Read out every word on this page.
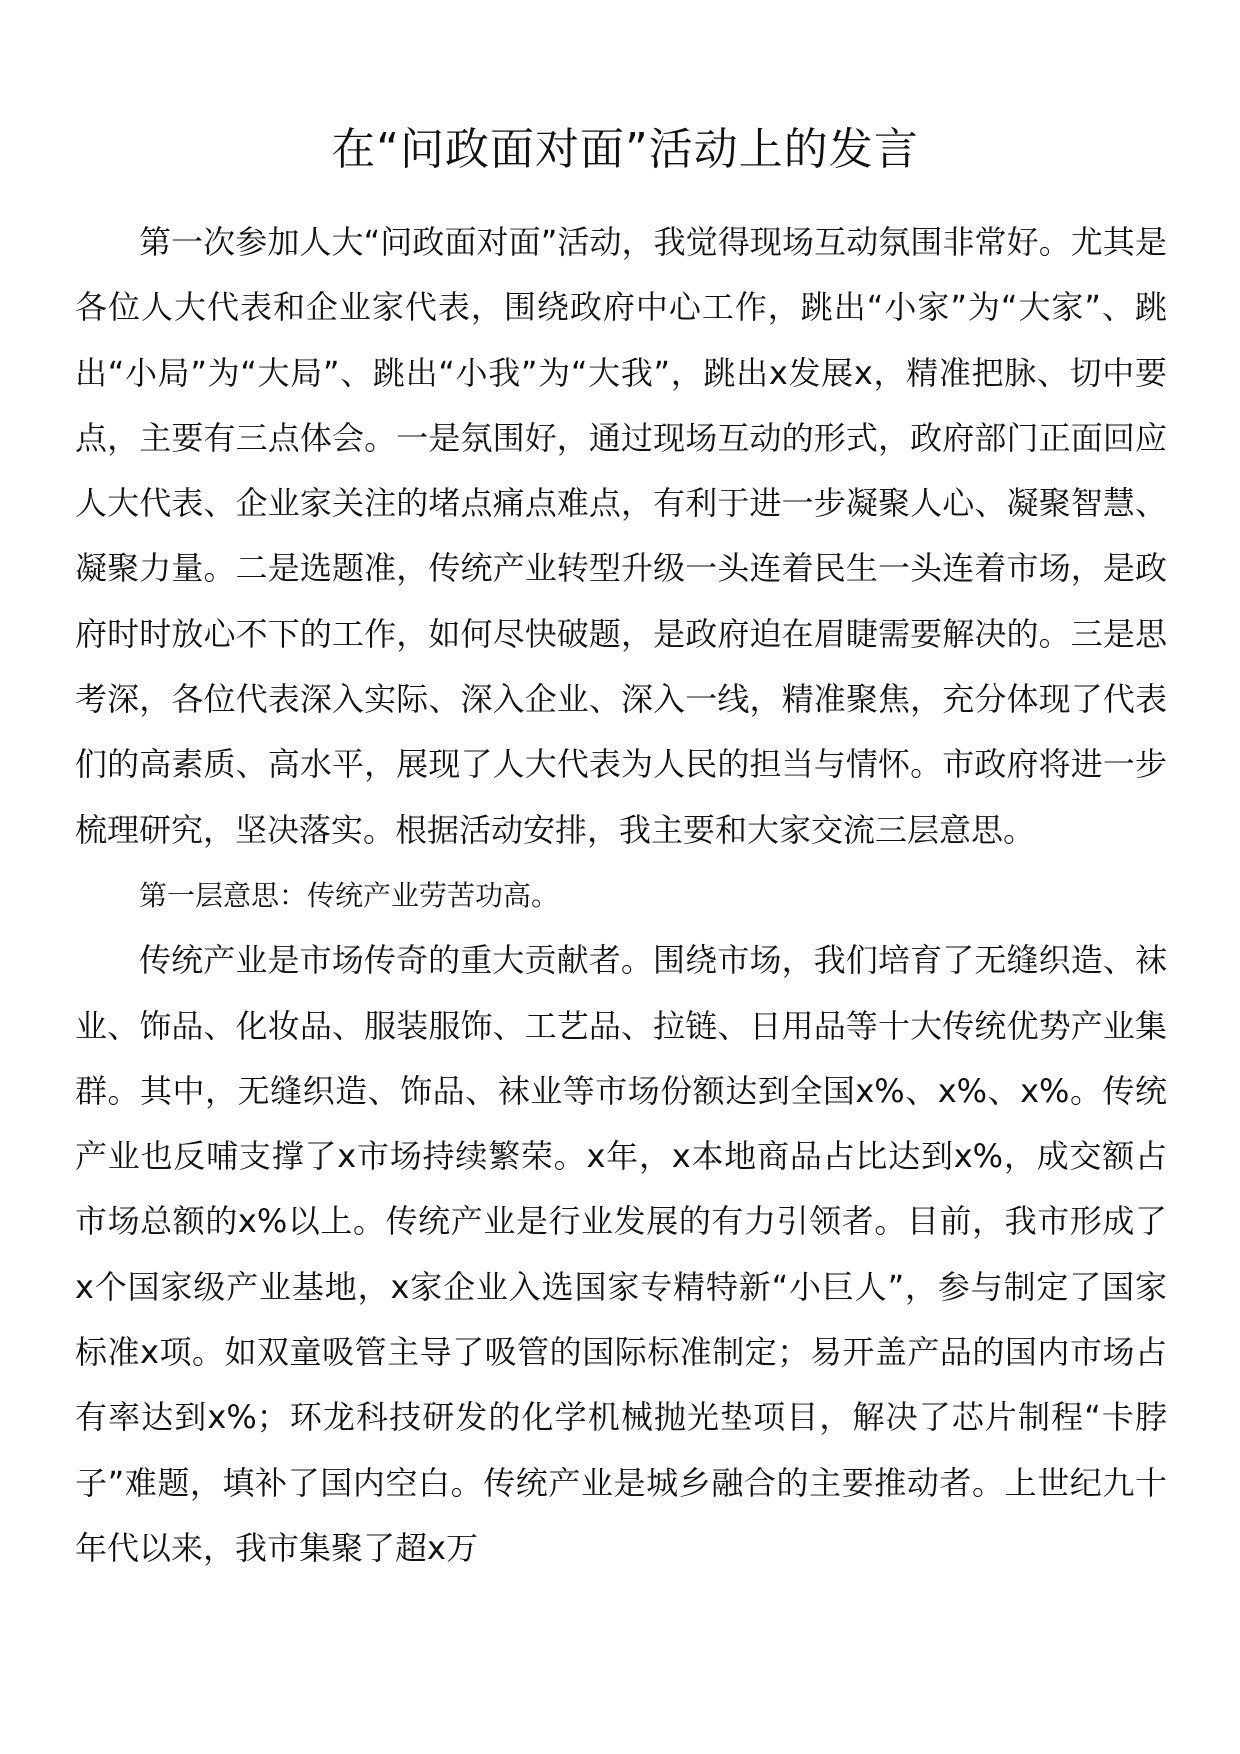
在“问政面对面”活动上的发言

第一次参加人大“问政面对面”活动，我觉得现场互动氛围非常好。尤其是各位人大代表和企业家代表，围绕政府中心工作，跳出“小家”为“大家”、跳出“小局”为“大局”、跳出“小我”为“大我”，跳出x发展x，精准把脉、切中要点，主要有三点体会。一是氛围好，通过现场互动的形式，政府部门正面回应人大代表、企业家关注的堵点痛点难点，有利于进一步凝聚人心、凝聚智慧、凝聚力量。二是选题准，传统产业转型升级一头连着民生一头连着市场，是政府时时放心不下的工作，如何尽快破题，是政府迫在眉睫需要解决的。三是思考深，各位代表深入实际、深入企业、深入一线，精准聚焦，充分体现了代表们的高素质、高水平，展现了人大代表为人民的担当与情怀。市政府将进一步梳理研究，坚决落实。根据活动安排，我主要和大家交流三层意思。

第一层意思：传统产业劳苦功高。

传统产业是市场传奇的重大贡献者。围绕市场，我们培育了无缝织造、袜业、饰品、化妆品、服装服饰、工艺品、拉链、日用品等十大传统优势产业集群。其中，无缝织造、饰品、袜业等市场份额达到全国x%、x%、x%。传统产业也反哺支撑了x市场持续繁荣。x年，x本地商品占比达到x%，成交额占市场总额的x%以上。传统产业是行业发展的有力引领者。目前，我市形成了x个国家级产业基地，x家企业入选国家专精特新“小巨人”，参与制定了国家标准x项。如双童吸管主导了吸管的国际标准制定；易开盖产品的国内市场占有率达到x%；环龙科技研发的化学机械抛光垫项目，解决了芯片制程“卡脖子”难题，填补了国内空白。传统产业是城乡融合的主要推动者。上世纪九十年代以来，我市集聚了超x万
